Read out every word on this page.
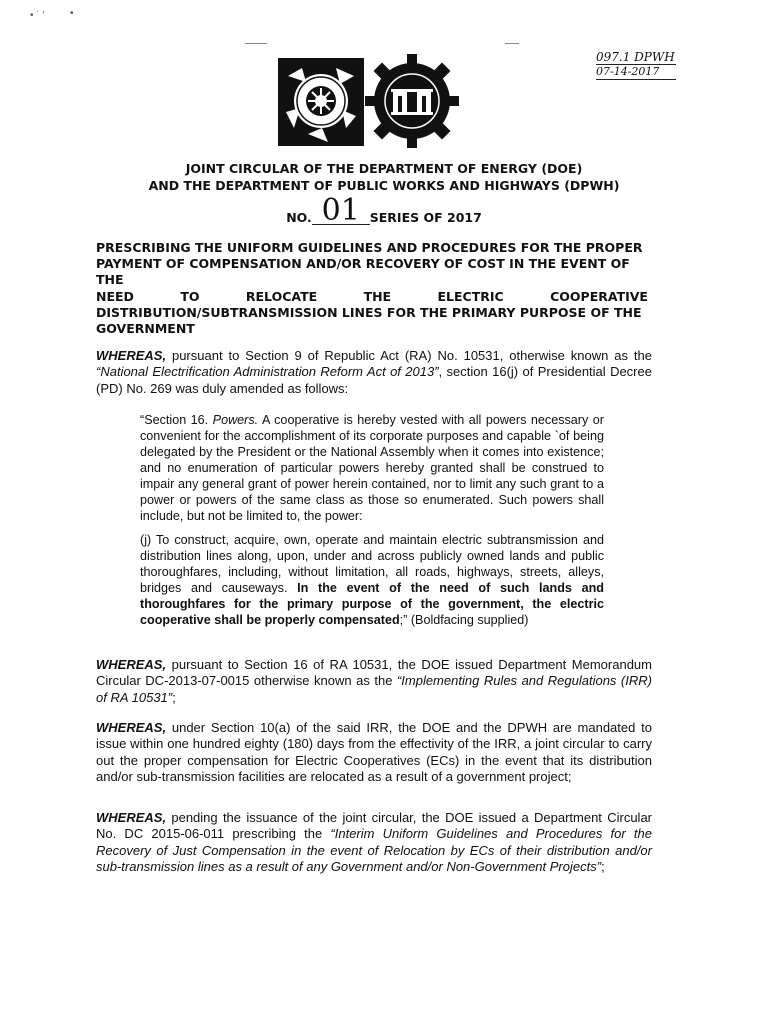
• ˙ ‘	•
097.1 DPWH
07-14-2017
JOINT CIRCULAR OF THE DEPARTMENT OF ENERGY (DOE)
AND THE DEPARTMENT OF PUBLIC WORKS AND HIGHWAYS (DPWH)
NO. 01 SERIES OF 2017
PRESCRIBING THE UNIFORM GUIDELINES AND PROCEDURES FOR THE PROPER
PAYMENT OF COMPENSATION AND/OR RECOVERY OF COST IN THE EVENT OF THE
NEED	TO	RELOCATE	THE	ELECTRIC	COOPERATIVE
DISTRIBUTION/SUBTRANSMISSION LINES FOR THE PRIMARY PURPOSE OF THE
GOVERNMENT

WHEREAS, pursuant to Section 9 of Republic Act (RA) No. 10531, otherwise known as the “National Electrification Administration Reform Act of 2013”, section 16(j) of Presidential Decree (PD) No. 269 was duly amended as follows:

“Section 16. Powers. A cooperative is hereby vested with all powers necessary or convenient for the accomplishment of its corporate purposes and capable `of being delegated by the President or the National Assembly when it comes into existence; and no enumeration of particular powers hereby granted shall be construed to impair any general grant of power herein contained, nor to limit any such grant to a power or powers of the same class as those so enumerated. Such powers shall include, but not be limited to, the power:

(j) To construct, acquire, own, operate and maintain electric subtransmission and distribution lines along, upon, under and across publicly owned lands and public thoroughfares, including, without limitation, all roads, highways, streets, alleys, bridges and causeways. In the event of the need of such lands and thoroughfares for the primary purpose of the government, the electric cooperative shall be properly compensated;” (Boldfacing supplied)

WHEREAS, pursuant to Section 16 of RA 10531, the DOE issued Department Memorandum Circular DC-2013-07-0015 otherwise known as the “Implementing Rules and Regulations (IRR) of RA 10531”;

WHEREAS, under Section 10(a) of the said IRR, the DOE and the DPWH are mandated to issue within one hundred eighty (180) days from the effectivity of the IRR, a joint circular to carry out the proper compensation for Electric Cooperatives (ECs) in the event that its distribution and/or sub-transmission facilities are relocated as a result of a government project;

WHEREAS, pending the issuance of the joint circular, the DOE issued a Department Circular No. DC 2015-06-011 prescribing the “Interim Uniform Guidelines and Procedures for the Recovery of Just Compensation in the event of Relocation by ECs of their distribution and/or sub-transmission lines as a result of any Government and/or Non-Government Projects”;
